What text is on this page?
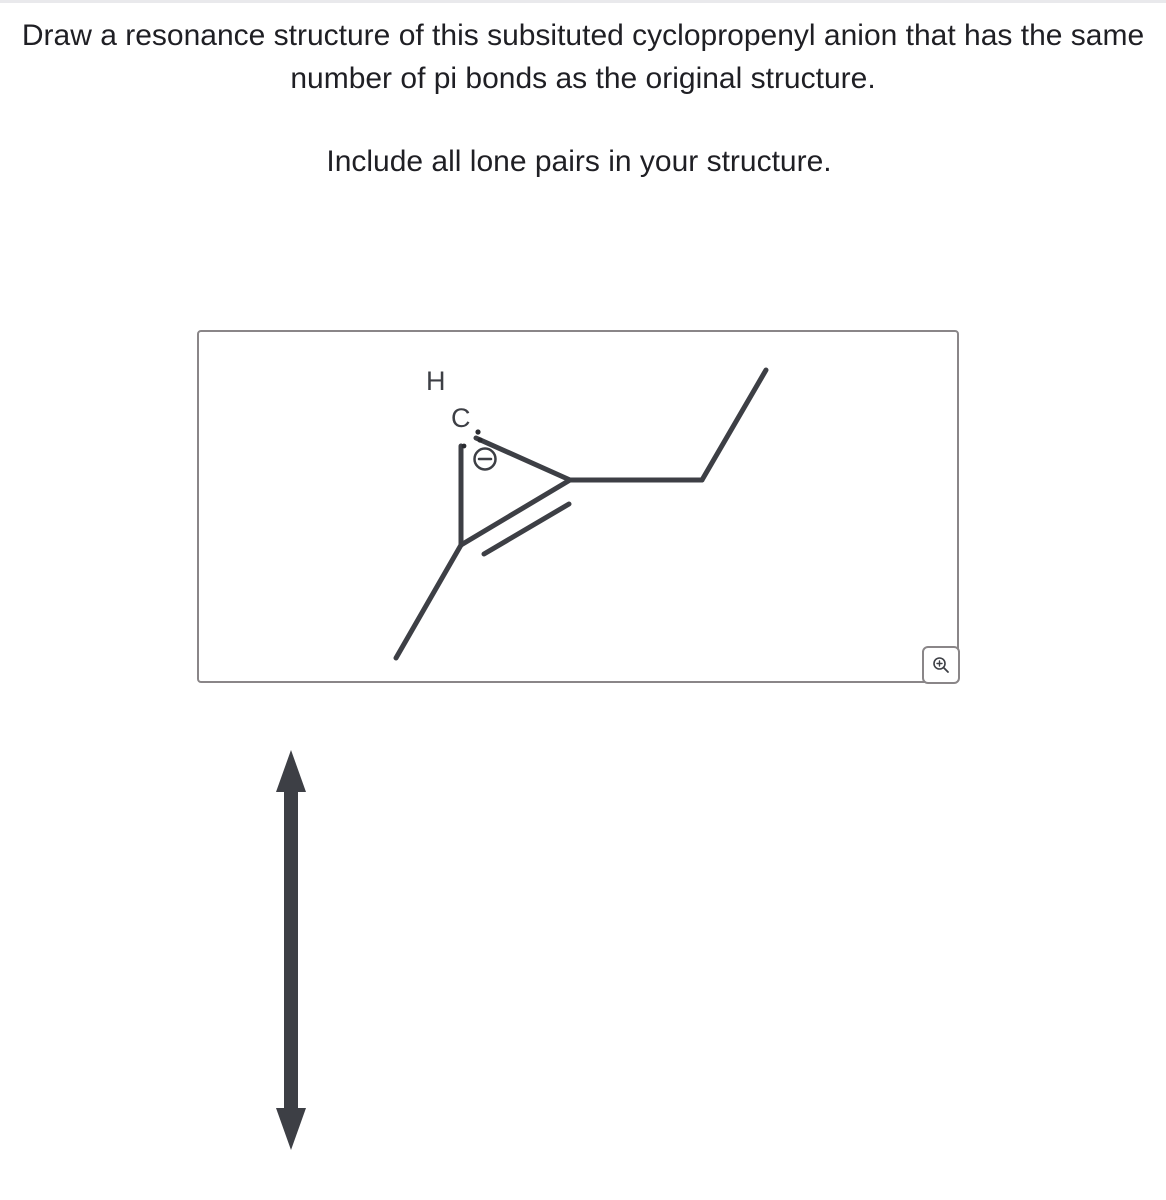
Draw a resonance structure of this subsituted cyclopropenyl anion that has the same number of pi bonds as the original structure.

Include all lone pairs in your structure.

H
C
